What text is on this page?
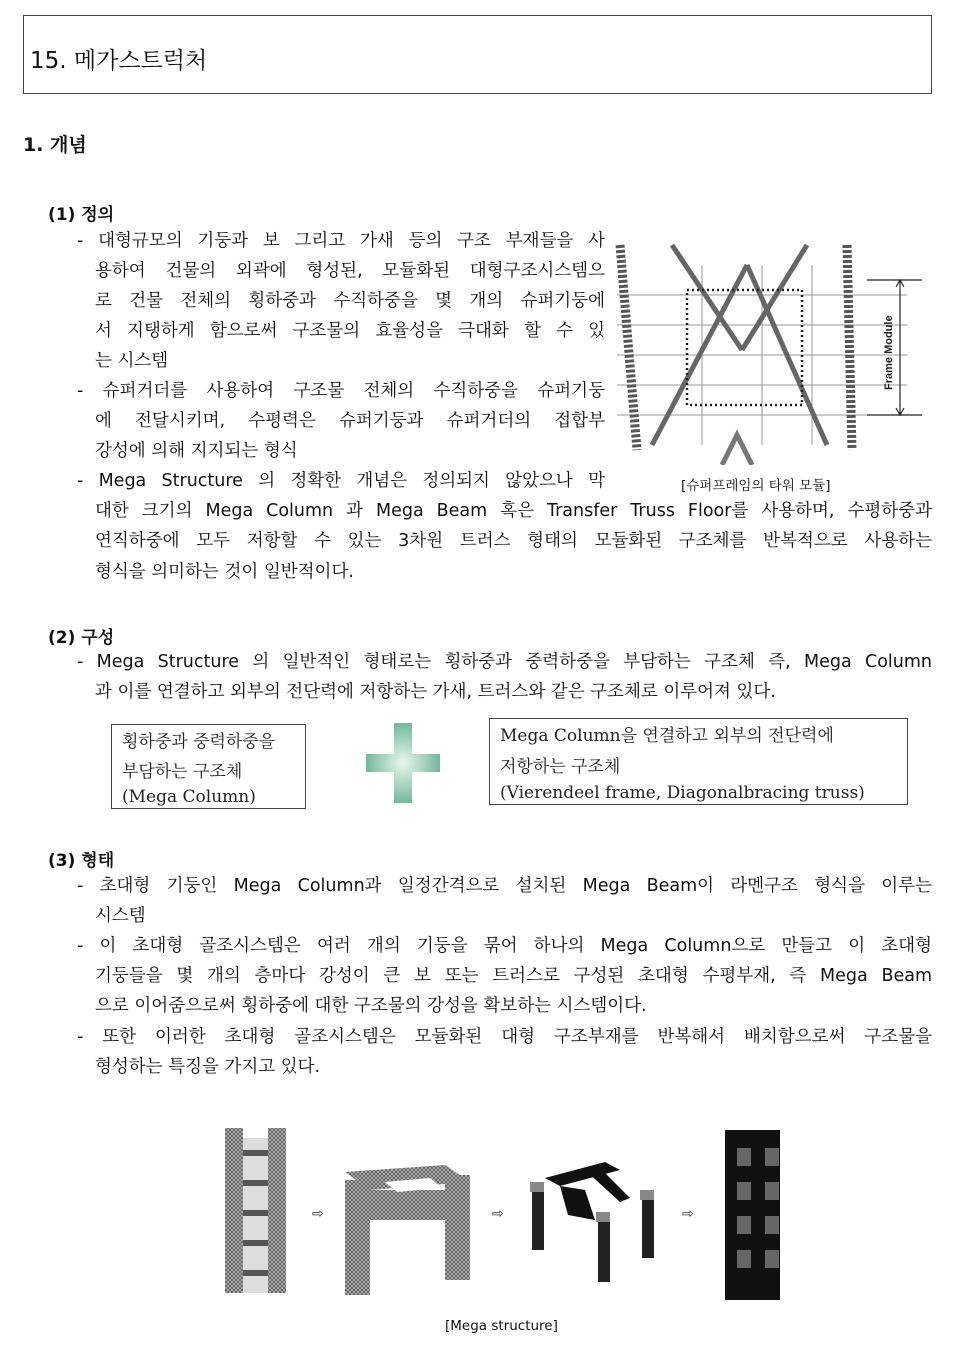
15. 메가스트럭처
1. 개념
(1) 정의
- 대형규모의 기둥과 보 그리고 가새 등의 구조 부재들을 사
용하여 건물의 외곽에 형성된, 모듈화된 대형구조시스템으
로 건물 전체의 횡하중과 수직하중을 몇 개의 슈퍼기둥에
서 지탱하게 함으로써 구조물의 효율성을 극대화 할 수 있
는 시스템
- 슈퍼거더를 사용하여 구조물 전체의 수직하중을 슈퍼기둥
에 전달시키며, 수평력은 슈퍼기둥과 슈퍼거더의 접합부
강성에 의해 지지되는 형식
- Mega Structure 의 정확한 개념은 정의되지 않았으나 막
대한 크기의 Mega Column 과 Mega Beam 혹은 Transfer Truss Floor를 사용하며, 수평하중과
연직하중에 모두 저항할 수 있는 3차원 트러스 형태의 모듈화된 구조체를 반복적으로 사용하는
형식을 의미하는 것이 일반적이다.
Frame Module
[슈퍼프레임의 타워 모듈]
(2) 구성
- Mega Structure 의 일반적인 형태로는 횡하중과 중력하중을 부담하는 구조체 즉, Mega Column
과 이를 연결하고 외부의 전단력에 저항하는 가새, 트러스와 같은 구조체로 이루어져 있다.
횡하중과 중력하중을
부담하는 구조체
(Mega Column)
Mega Column을 연결하고 외부의 전단력에
저항하는 구조체
(Vierendeel frame, Diagonalbracing truss)
(3) 형태
- 초대형 기둥인 Mega Column과 일정간격으로 설치된 Mega Beam이 라멘구조 형식을 이루는
시스템
- 이 초대형 골조시스템은 여러 개의 기둥을 묶어 하나의 Mega Column으로 만들고 이 초대형
기둥들을 몇 개의 층마다 강성이 큰 보 또는 트러스로 구성된 초대형 수평부재, 즉 Mega Beam
으로 이어줌으로써 횡하중에 대한 구조물의 강성을 확보하는 시스템이다.
- 또한 이러한 초대형 골조시스템은 모듈화된 대형 구조부재를 반복해서 배치함으로써 구조물을
형성하는 특징을 가지고 있다.
⇨	⇨	⇨
[Mega structure]
